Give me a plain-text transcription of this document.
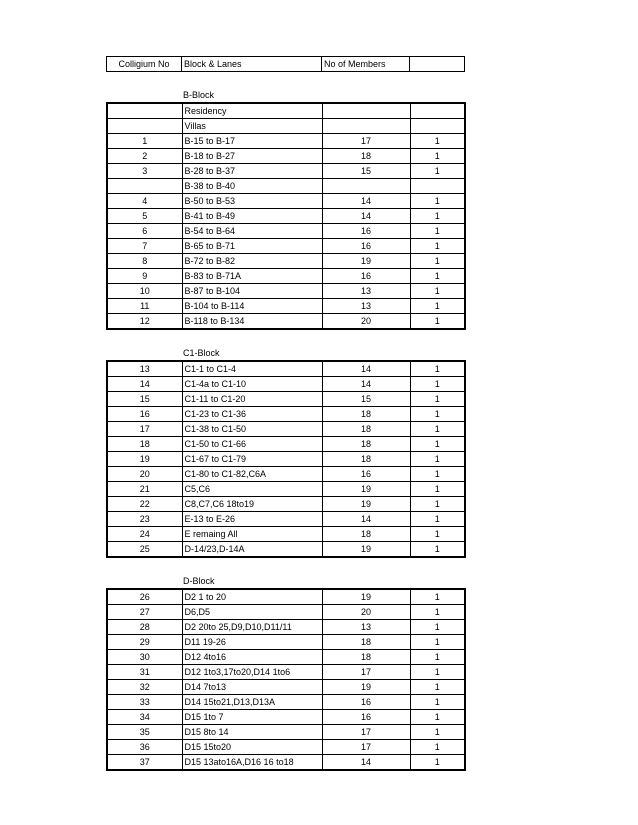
Colligium No	Block & Lanes	No of Members	
B-Block
	Residency		
	Villas		
1	B-15 to B-17	17	1
2	B-18 to B-27	18	1
3	B-28 to B-37	15	1
	B-38 to B-40		
4	B-50 to B-53	14	1
5	B-41 to B-49	14	1
6	B-54 to B-64	16	1
7	B-65 to B-71	16	1
8	B-72 to B-82	19	1
9	B-83 to B-71A	16	1
10	B-87 to B-104	13	1
11	B-104 to B-114	13	1
12	B-118 to B-134	20	1
C1-Block
13	C1-1 to C1-4	14	1
14	C1-4a to C1-10	14	1
15	C1-11 to C1-20	15	1
16	C1-23 to C1-36	18	1
17	C1-38 to C1-50	18	1
18	C1-50 to C1-66	18	1
19	C1-67 to C1-79	18	1
20	C1-80 to C1-82,C6A	16	1
21	C5,C6	19	1
22	C8,C7,C6 18to19	19	1
23	E-13 to E-26	14	1
24	E remaing All	18	1
25	D-14/23,D-14A	19	1
D-Block
26	D2 1 to 20	19	1
27	D6,D5	20	1
28	D2 20to 25,D9,D10,D11/11	13	1
29	D11 19-26	18	1
30	D12 4to16	18	1
31	D12 1to3,17to20,D14 1to6	17	1
32	D14 7to13	19	1
33	D14 15to21,D13,D13A	16	1
34	D15 1to 7	16	1
35	D15 8to 14	17	1
36	D15 15to20	17	1
37	D15 13ato16A,D16 16 to18	14	1
